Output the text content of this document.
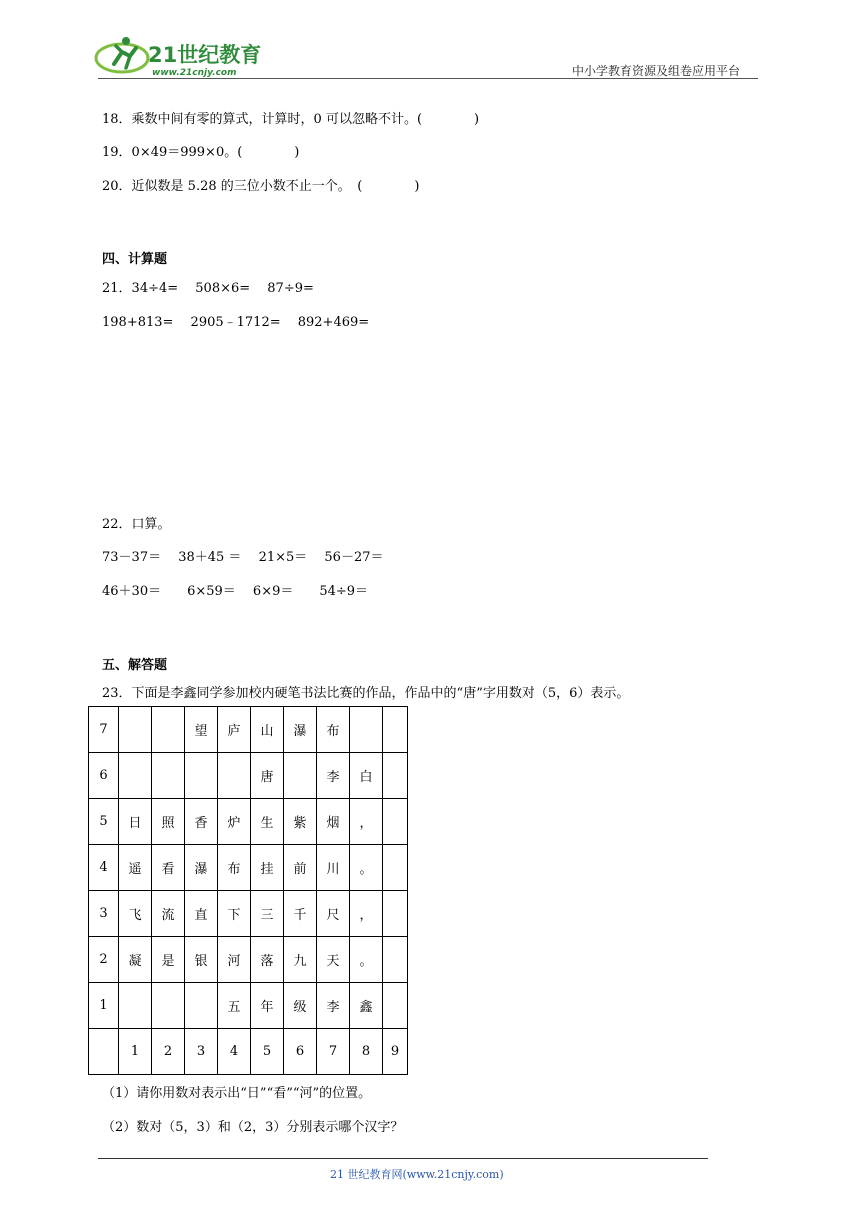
21世纪教育
www.21cnjy.com	中小学教育资源及组卷应用平台
18．乘数中间有零的算式，计算时，0 可以忽略不计。(　　　　)
19．0×49＝999×0。(　　　　)
20．近似数是 5.28 的三位小数不止一个。　(　　　　)
四、计算题
21．34÷4=　 508×6=　 87÷9=
198+813=　 2905﹣1712=　 892+469=
22．口算。
73－37＝　 38＋45 ＝　 21×5＝　 56－27＝
46＋30＝　　6×59＝　 6×9＝　　54÷9＝
五、解答题
23．下面是李鑫同学参加校内硬笔书法比赛的作品，作品中的“唐”字用数对（5，6）表示。
7			望	庐	山	瀑	布		
6					唐		李	白	
5	日	照	香	炉	生	紫	烟	，	
4	遥	看	瀑	布	挂	前	川	。	
3	飞	流	直	下	三	千	尺	，	
2	凝	是	银	河	落	九	天	。	
1				五	年	级	李	鑫	
	1	2	3	4	5	6	7	8	9
（1）请你用数对表示出“日”“看”“河”的位置。
（2）数对（5，3）和（2，3）分别表示哪个汉字？
21 世纪教育网(www.21cnjy.com)
